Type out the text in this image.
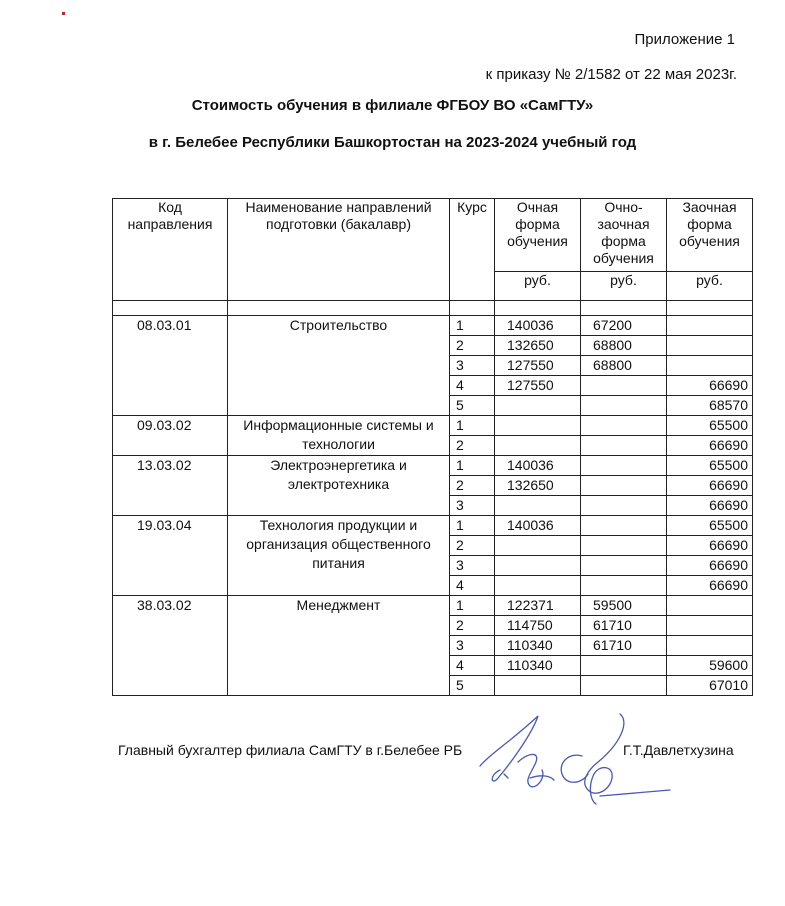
Приложение 1
к приказу № 2/1582 от 22 мая 2023г.
Стоимость обучения в филиале ФГБОУ ВО «СамГТУ»
в г. Белебее Республики Башкортостан на 2023-2024 учебный год
Код направления	Наименование направлений подготовки (бакалавр)	Курс	Очная форма обучения	Очно-заочная форма обучения	Заочная форма обучения
			руб.	руб.	руб.

08.03.01	Строительство	1	140036	67200	
		2	132650	68800	
		3	127550	68800	
		4	127550		66690
		5			68570
09.03.02	Информационные системы и технологии	1			65500
		2			66690
13.03.02	Электроэнергетика и электротехника	1	140036		65500
		2	132650		66690
		3			66690
19.03.04	Технология продукции и организация общественного питания	1	140036		65500
		2			66690
		3			66690
		4			66690
38.03.02	Менеджмент	1	122371	59500	
		2	114750	61710	
		3	110340	61710	
		4	110340		59600
		5			67010
Главный бухгалтер филиала СамГТУ в г.Белебее РБ	Г.Т.Давлетхузина
